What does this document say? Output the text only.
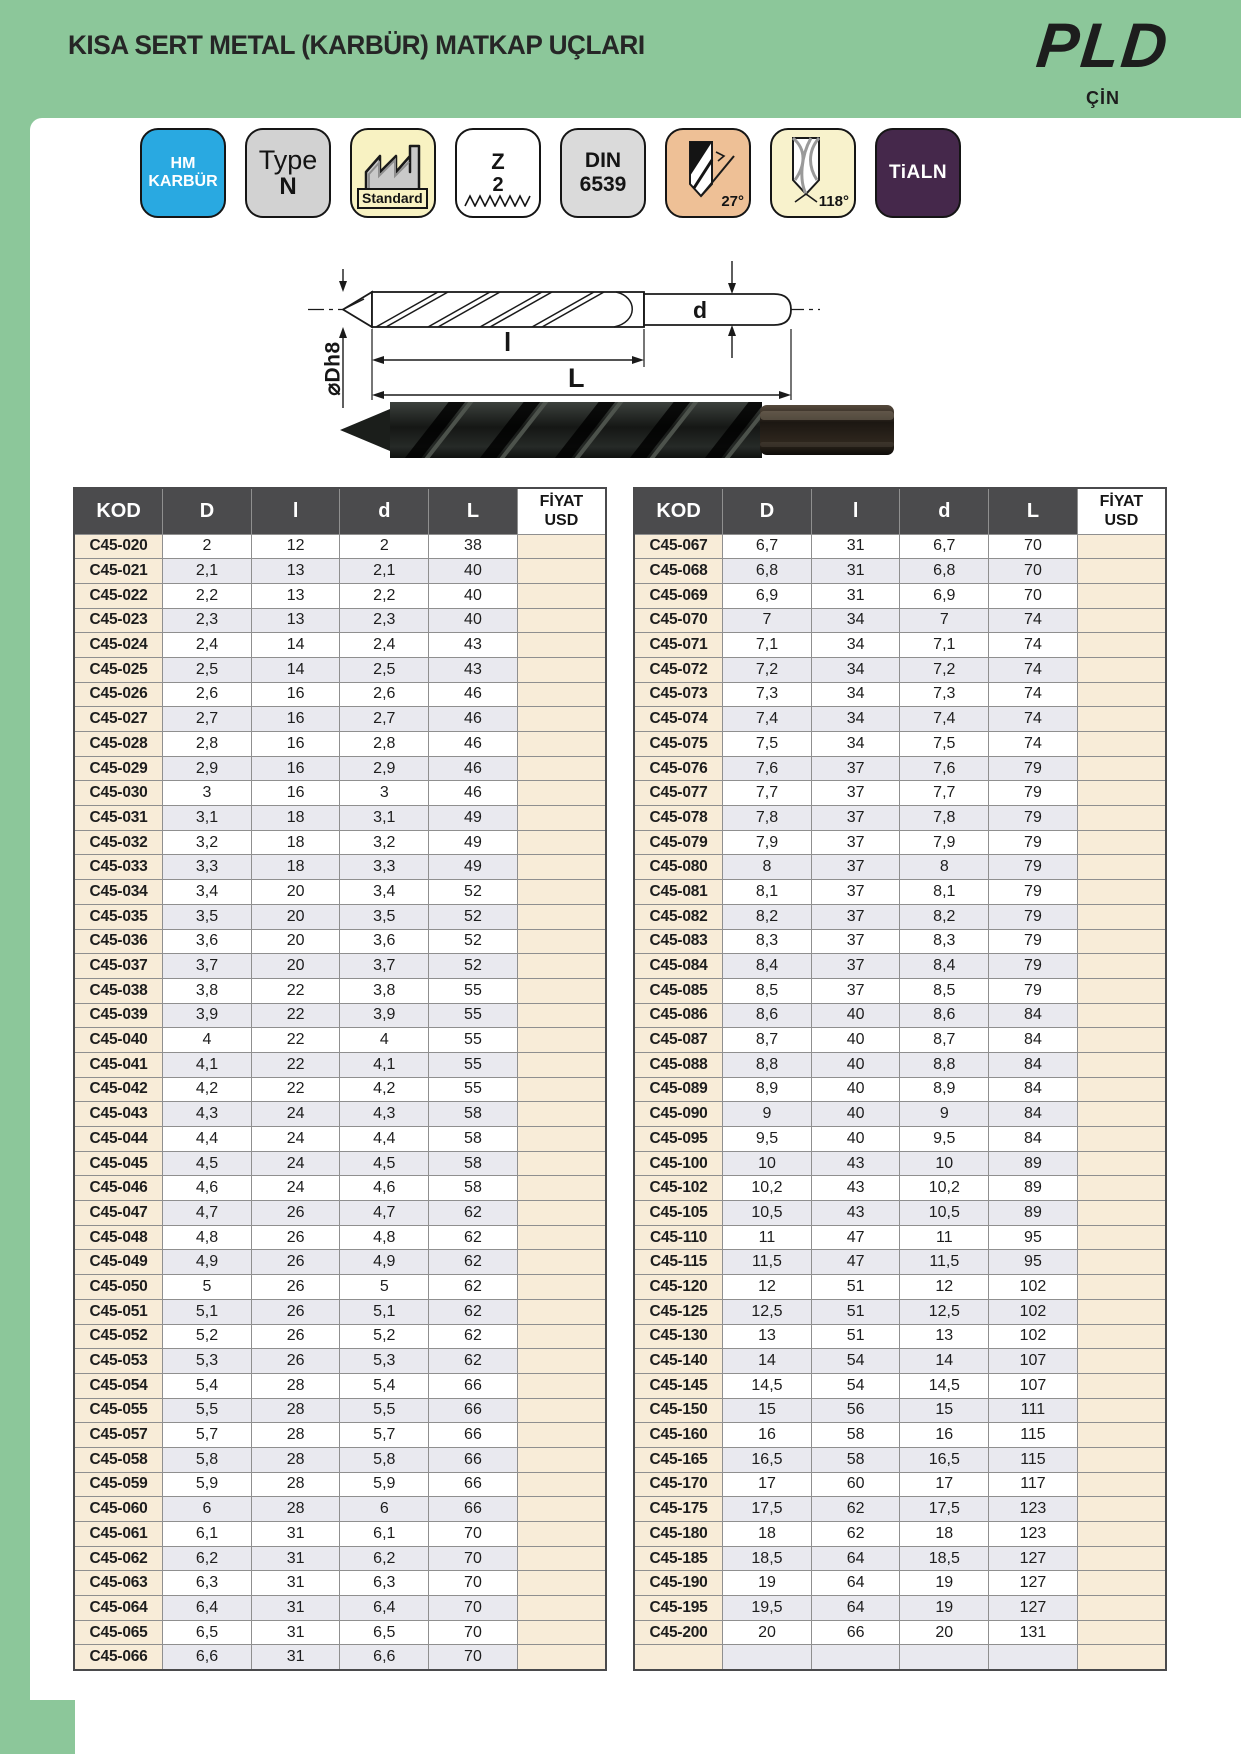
KISA SERT METAL (KARBÜR) MATKAP UÇLARI	PLD
ÇİN
HM
KARBÜR
Type
N	Standard
Z
2
DIN
6539
27°	118°
TiALN
l
L
d
⌀Dh8
KOD	D	l	d	L	FİYAT
USD

C45-020	2	12	2	38	
C45-021	2,1	13	2,1	40	
C45-022	2,2	13	2,2	40	
C45-023	2,3	13	2,3	40	
C45-024	2,4	14	2,4	43	
C45-025	2,5	14	2,5	43	
C45-026	2,6	16	2,6	46	
C45-027	2,7	16	2,7	46	
C45-028	2,8	16	2,8	46	
C45-029	2,9	16	2,9	46	
C45-030	3	16	3	46	
C45-031	3,1	18	3,1	49	
C45-032	3,2	18	3,2	49	
C45-033	3,3	18	3,3	49	
C45-034	3,4	20	3,4	52	
C45-035	3,5	20	3,5	52	
C45-036	3,6	20	3,6	52	
C45-037	3,7	20	3,7	52	
C45-038	3,8	22	3,8	55	
C45-039	3,9	22	3,9	55	
C45-040	4	22	4	55	
C45-041	4,1	22	4,1	55	
C45-042	4,2	22	4,2	55	
C45-043	4,3	24	4,3	58	
C45-044	4,4	24	4,4	58	
C45-045	4,5	24	4,5	58	
C45-046	4,6	24	4,6	58	
C45-047	4,7	26	4,7	62	
C45-048	4,8	26	4,8	62	
C45-049	4,9	26	4,9	62	
C45-050	5	26	5	62	
C45-051	5,1	26	5,1	62	
C45-052	5,2	26	5,2	62	
C45-053	5,3	26	5,3	62	
C45-054	5,4	28	5,4	66	
C45-055	5,5	28	5,5	66	
C45-057	5,7	28	5,7	66	
C45-058	5,8	28	5,8	66	
C45-059	5,9	28	5,9	66	
C45-060	6	28	6	66	
C45-061	6,1	31	6,1	70	
C45-062	6,2	31	6,2	70	
C45-063	6,3	31	6,3	70	
C45-064	6,4	31	6,4	70	
C45-065	6,5	31	6,5	70	
C45-066	6,6	31	6,6	70	
KOD	D	l	d	L	FİYAT
USD

C45-067	6,7	31	6,7	70	
C45-068	6,8	31	6,8	70	
C45-069	6,9	31	6,9	70	
C45-070	7	34	7	74	
C45-071	7,1	34	7,1	74	
C45-072	7,2	34	7,2	74	
C45-073	7,3	34	7,3	74	
C45-074	7,4	34	7,4	74	
C45-075	7,5	34	7,5	74	
C45-076	7,6	37	7,6	79	
C45-077	7,7	37	7,7	79	
C45-078	7,8	37	7,8	79	
C45-079	7,9	37	7,9	79	
C45-080	8	37	8	79	
C45-081	8,1	37	8,1	79	
C45-082	8,2	37	8,2	79	
C45-083	8,3	37	8,3	79	
C45-084	8,4	37	8,4	79	
C45-085	8,5	37	8,5	79	
C45-086	8,6	40	8,6	84	
C45-087	8,7	40	8,7	84	
C45-088	8,8	40	8,8	84	
C45-089	8,9	40	8,9	84	
C45-090	9	40	9	84	
C45-095	9,5	40	9,5	84	
C45-100	10	43	10	89	
C45-102	10,2	43	10,2	89	
C45-105	10,5	43	10,5	89	
C45-110	11	47	11	95	
C45-115	11,5	47	11,5	95	
C45-120	12	51	12	102	
C45-125	12,5	51	12,5	102	
C45-130	13	51	13	102	
C45-140	14	54	14	107	
C45-145	14,5	54	14,5	107	
C45-150	15	56	15	111	
C45-160	16	58	16	115	
C45-165	16,5	58	16,5	115	
C45-170	17	60	17	117	
C45-175	17,5	62	17,5	123	
C45-180	18	62	18	123	
C45-185	18,5	64	18,5	127	
C45-190	19	64	19	127	
C45-195	19,5	64	19	127	
C45-200	20	66	20	131	
